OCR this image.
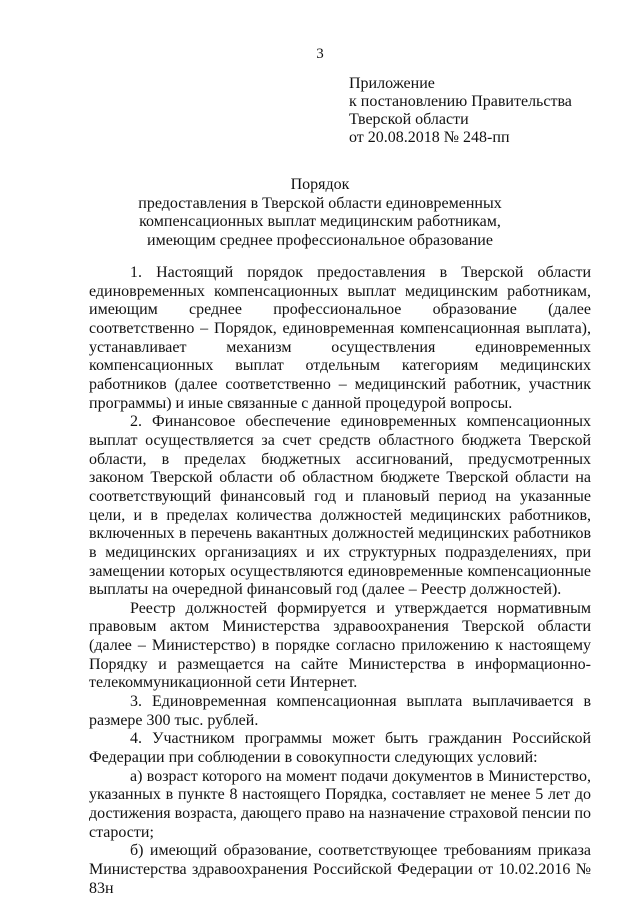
3
Приложение
к постановлению Правительства
Тверской области
от 20.08.2018 № 248-пп
Порядок
предоставления в Тверской области единовременных
компенсационных выплат медицинским работникам,
имеющим среднее профессиональное образование

1. Настоящий порядок предоставления в Тверской области единовременных компенсационных выплат медицинским работникам, имеющим среднее профессиональное образование (далее соответственно – Порядок, единовременная компенсационная выплата), устанавливает механизм осуществления единовременных компенсационных выплат отдельным категориям медицинских работников (далее соответственно – медицинский работник, участник программы) и иные связанные с данной процедурой вопросы.

2. Финансовое обеспечение единовременных компенсационных выплат осуществляется за счет средств областного бюджета Тверской области, в пределах бюджетных ассигнований, предусмотренных законом Тверской области об областном бюджете Тверской области на соответствующий финансовый год и плановый период на указанные цели, и в пределах количества должностей медицинских работников, включенных в перечень вакантных должностей медицинских работников в медицинских организациях и их структурных подразделениях, при замещении которых осуществляются единовременные компенсационные выплаты на очередной финансовый год (далее – Реестр должностей).

Реестр должностей формируется и утверждается нормативным правовым актом Министерства здравоохранения Тверской области (далее – Министерство) в порядке согласно приложению к настоящему Порядку и размещается на сайте Министерства в информационно-телекоммуникационной сети Интернет.

3. Единовременная компенсационная выплата выплачивается в размере 300 тыс. рублей.

4. Участником программы может быть гражданин Российской Федерации при соблюдении в совокупности следующих условий:

а) возраст которого на момент подачи документов в Министерство, указанных в пункте 8 настоящего Порядка, составляет не менее 5 лет до достижения возраста, дающего право на назначение страховой пенсии по старости;

б) имеющий образование, соответствующее требованиям приказа Министерства здравоохранения Российской Федерации от 10.02.2016 № 83н
